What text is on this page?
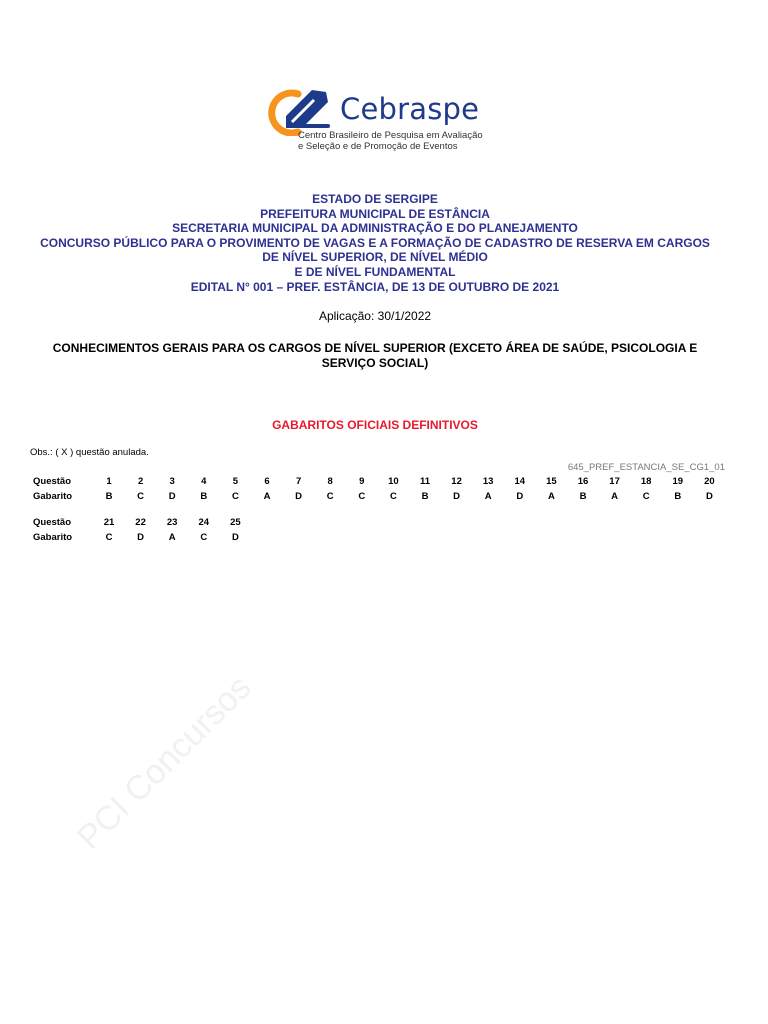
Cebraspe
Centro Brasileiro de Pesquisa em Avaliação
e Seleção e de Promoção de Eventos
ESTADO DE SERGIPE
PREFEITURA MUNICIPAL DE ESTÂNCIA
SECRETARIA MUNICIPAL DA ADMINISTRAÇÃO E DO PLANEJAMENTO
CONCURSO PÚBLICO PARA O PROVIMENTO DE VAGAS E A FORMAÇÃO DE CADASTRO DE RESERVA EM CARGOS
DE NÍVEL SUPERIOR, DE NÍVEL MÉDIO
E DE NÍVEL FUNDAMENTAL
EDITAL N° 001 – PREF. ESTÂNCIA, DE 13 DE OUTUBRO DE 2021
Aplicação: 30/1/2022
CONHECIMENTOS GERAIS PARA OS CARGOS DE NÍVEL SUPERIOR (EXCETO ÁREA DE SAÚDE, PSICOLOGIA E SERVIÇO SOCIAL)
GABARITOS OFICIAIS DEFINITIVOS
Obs.: ( X ) questão anulada.
645_PREF_ESTANCIA_SE_CG1_01
Questão
Gabarito
Questão
Gabarito
1
B
2
C
3
D
4
B
5
C
6
A
7
D
8
C
9
C
10
C
11
B
12
D
13
A
14
D
15
A
16
B
17
A
18
C
19
B
20
D
21
C
22
D
23
A
24
C
25
D
PCI Concursos
